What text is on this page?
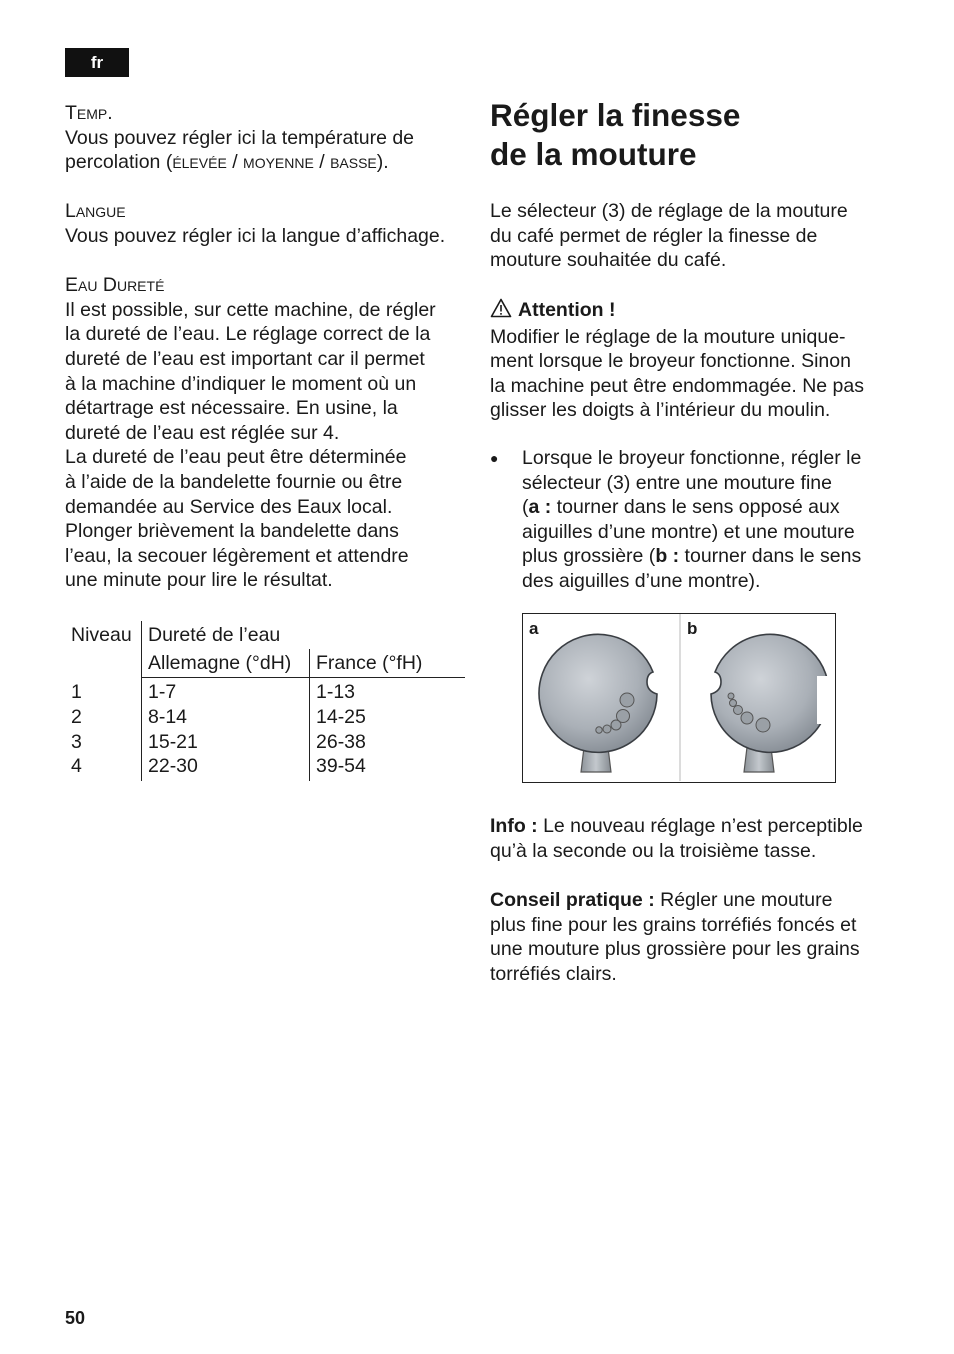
fr
Temp.

Vous pouvez régler ici la température de

percolation (élevée / moyenne / basse).

Langue

Vous pouvez régler ici la langue d’affichage.

Eau Dureté

Il est possible, sur cette machine, de régler

la dureté de l’eau. Le réglage correct de la

dureté de l’eau est important car il permet

à la machine d’indiquer le moment où un

détartrage est nécessaire. En usine, la

dureté de l’eau est réglée sur 4.

La dureté de l’eau peut être déterminée

à l’aide de la bandelette fournie ou être

demandée au Service des Eaux local.

Plonger brièvement la bandelette dans

l’eau, la secouer légèrement et attendre

une minute pour lire le résultat.

Niveau Dureté de l’eau
Allemagne (°dH) France (°fH)
1	1-7	1-13
2	8-14	14-25
3	15-21	26-38
4	22-30	39-54
Régler la finesse
de la mouture

Le sélecteur (3) de réglage de la mouture

du café permet de régler la finesse de

mouture souhaitée du café.

Attention !

Modifier le réglage de la mouture unique-

ment lorsque le broyeur fonctionne. Sinon

la machine peut être endommagée. Ne pas

glisser les doigts à l’intérieur du moulin.

● Lorsque le broyeur fonctionne, régler le

sélecteur (3) entre une mouture fine

(a : tourner dans le sens opposé aux

aiguilles d’une montre) et une mouture

plus grossière (b : tourner dans le sens

des aiguilles d’une montre).

a	b

Info : Le nouveau réglage n’est perceptible

qu’à la seconde ou la troisième tasse.

Conseil pratique : Régler une mouture

plus fine pour les grains torréfiés foncés et

une mouture plus grossière pour les grains

torréfiés clairs.

50
